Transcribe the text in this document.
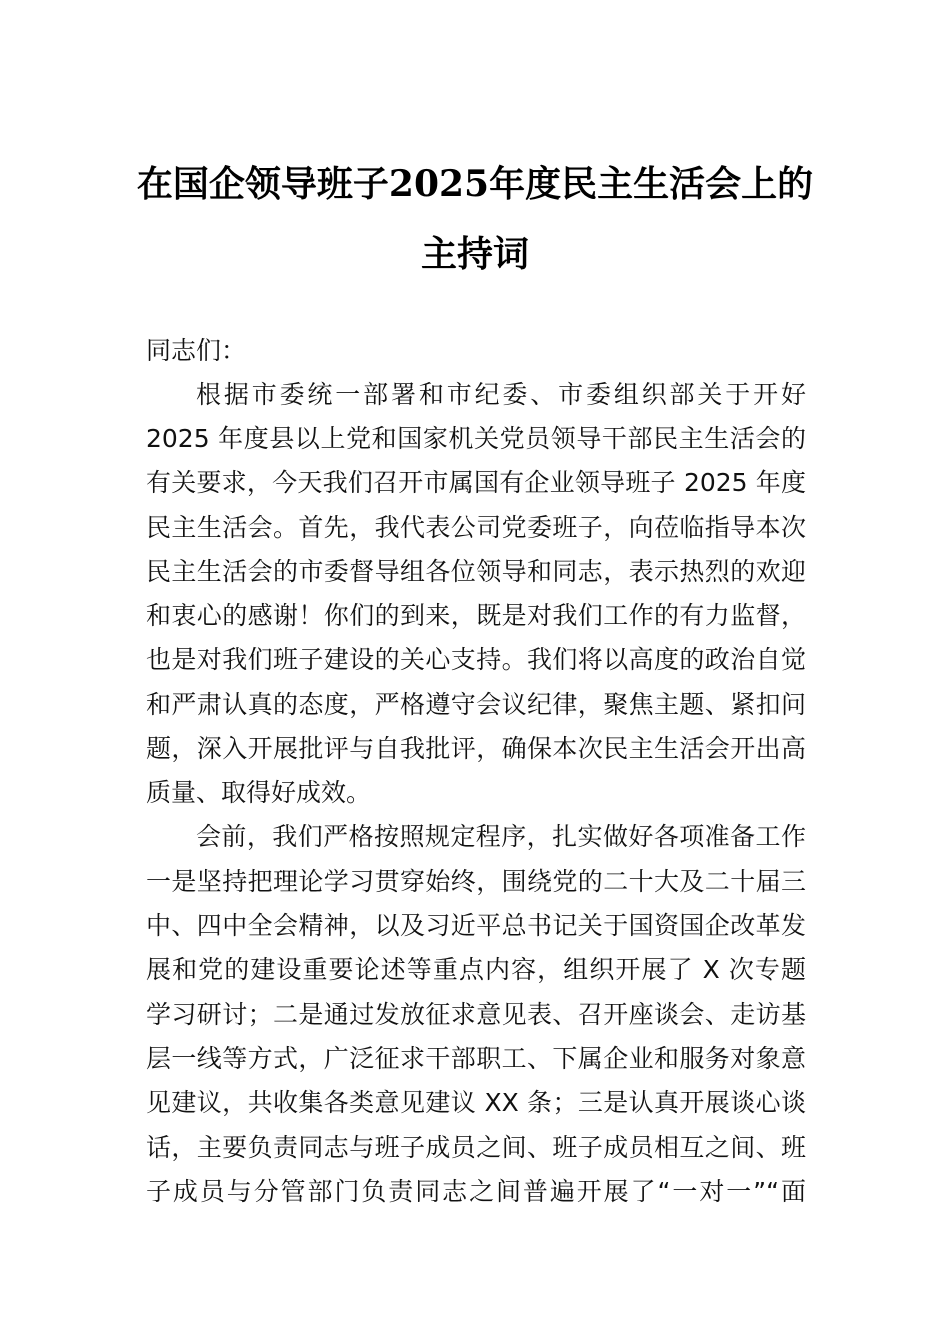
在国企领导班子2025年度民主生活会上的
主持词
同志们：
根据市委统一部署和市纪委、市委组织部关于开好
2025 年度县以上党和国家机关党员领导干部民主生活会的
有关要求，今天我们召开市属国有企业领导班子 2025 年度
民主生活会。首先，我代表公司党委班子，向莅临指导本次
民主生活会的市委督导组各位领导和同志，表示热烈的欢迎
和衷心的感谢！你们的到来，既是对我们工作的有力监督，
也是对我们班子建设的关心支持。我们将以高度的政治自觉
和严肃认真的态度，严格遵守会议纪律，聚焦主题、紧扣问
题，深入开展批评与自我批评，确保本次民主生活会开出高
质量、取得好成效。
会前，我们严格按照规定程序，扎实做好各项准备工作
一是坚持把理论学习贯穿始终，围绕党的二十大及二十届三
中、四中全会精神，以及习近平总书记关于国资国企改革发
展和党的建设重要论述等重点内容，组织开展了 X 次专题
学习研讨；二是通过发放征求意见表、召开座谈会、走访基
层一线等方式，广泛征求干部职工、下属企业和服务对象意
见建议，共收集各类意见建议 XX 条；三是认真开展谈心谈
话，主要负责同志与班子成员之间、班子成员相互之间、班
子成员与分管部门负责同志之间普遍开展了“一对一”“面
